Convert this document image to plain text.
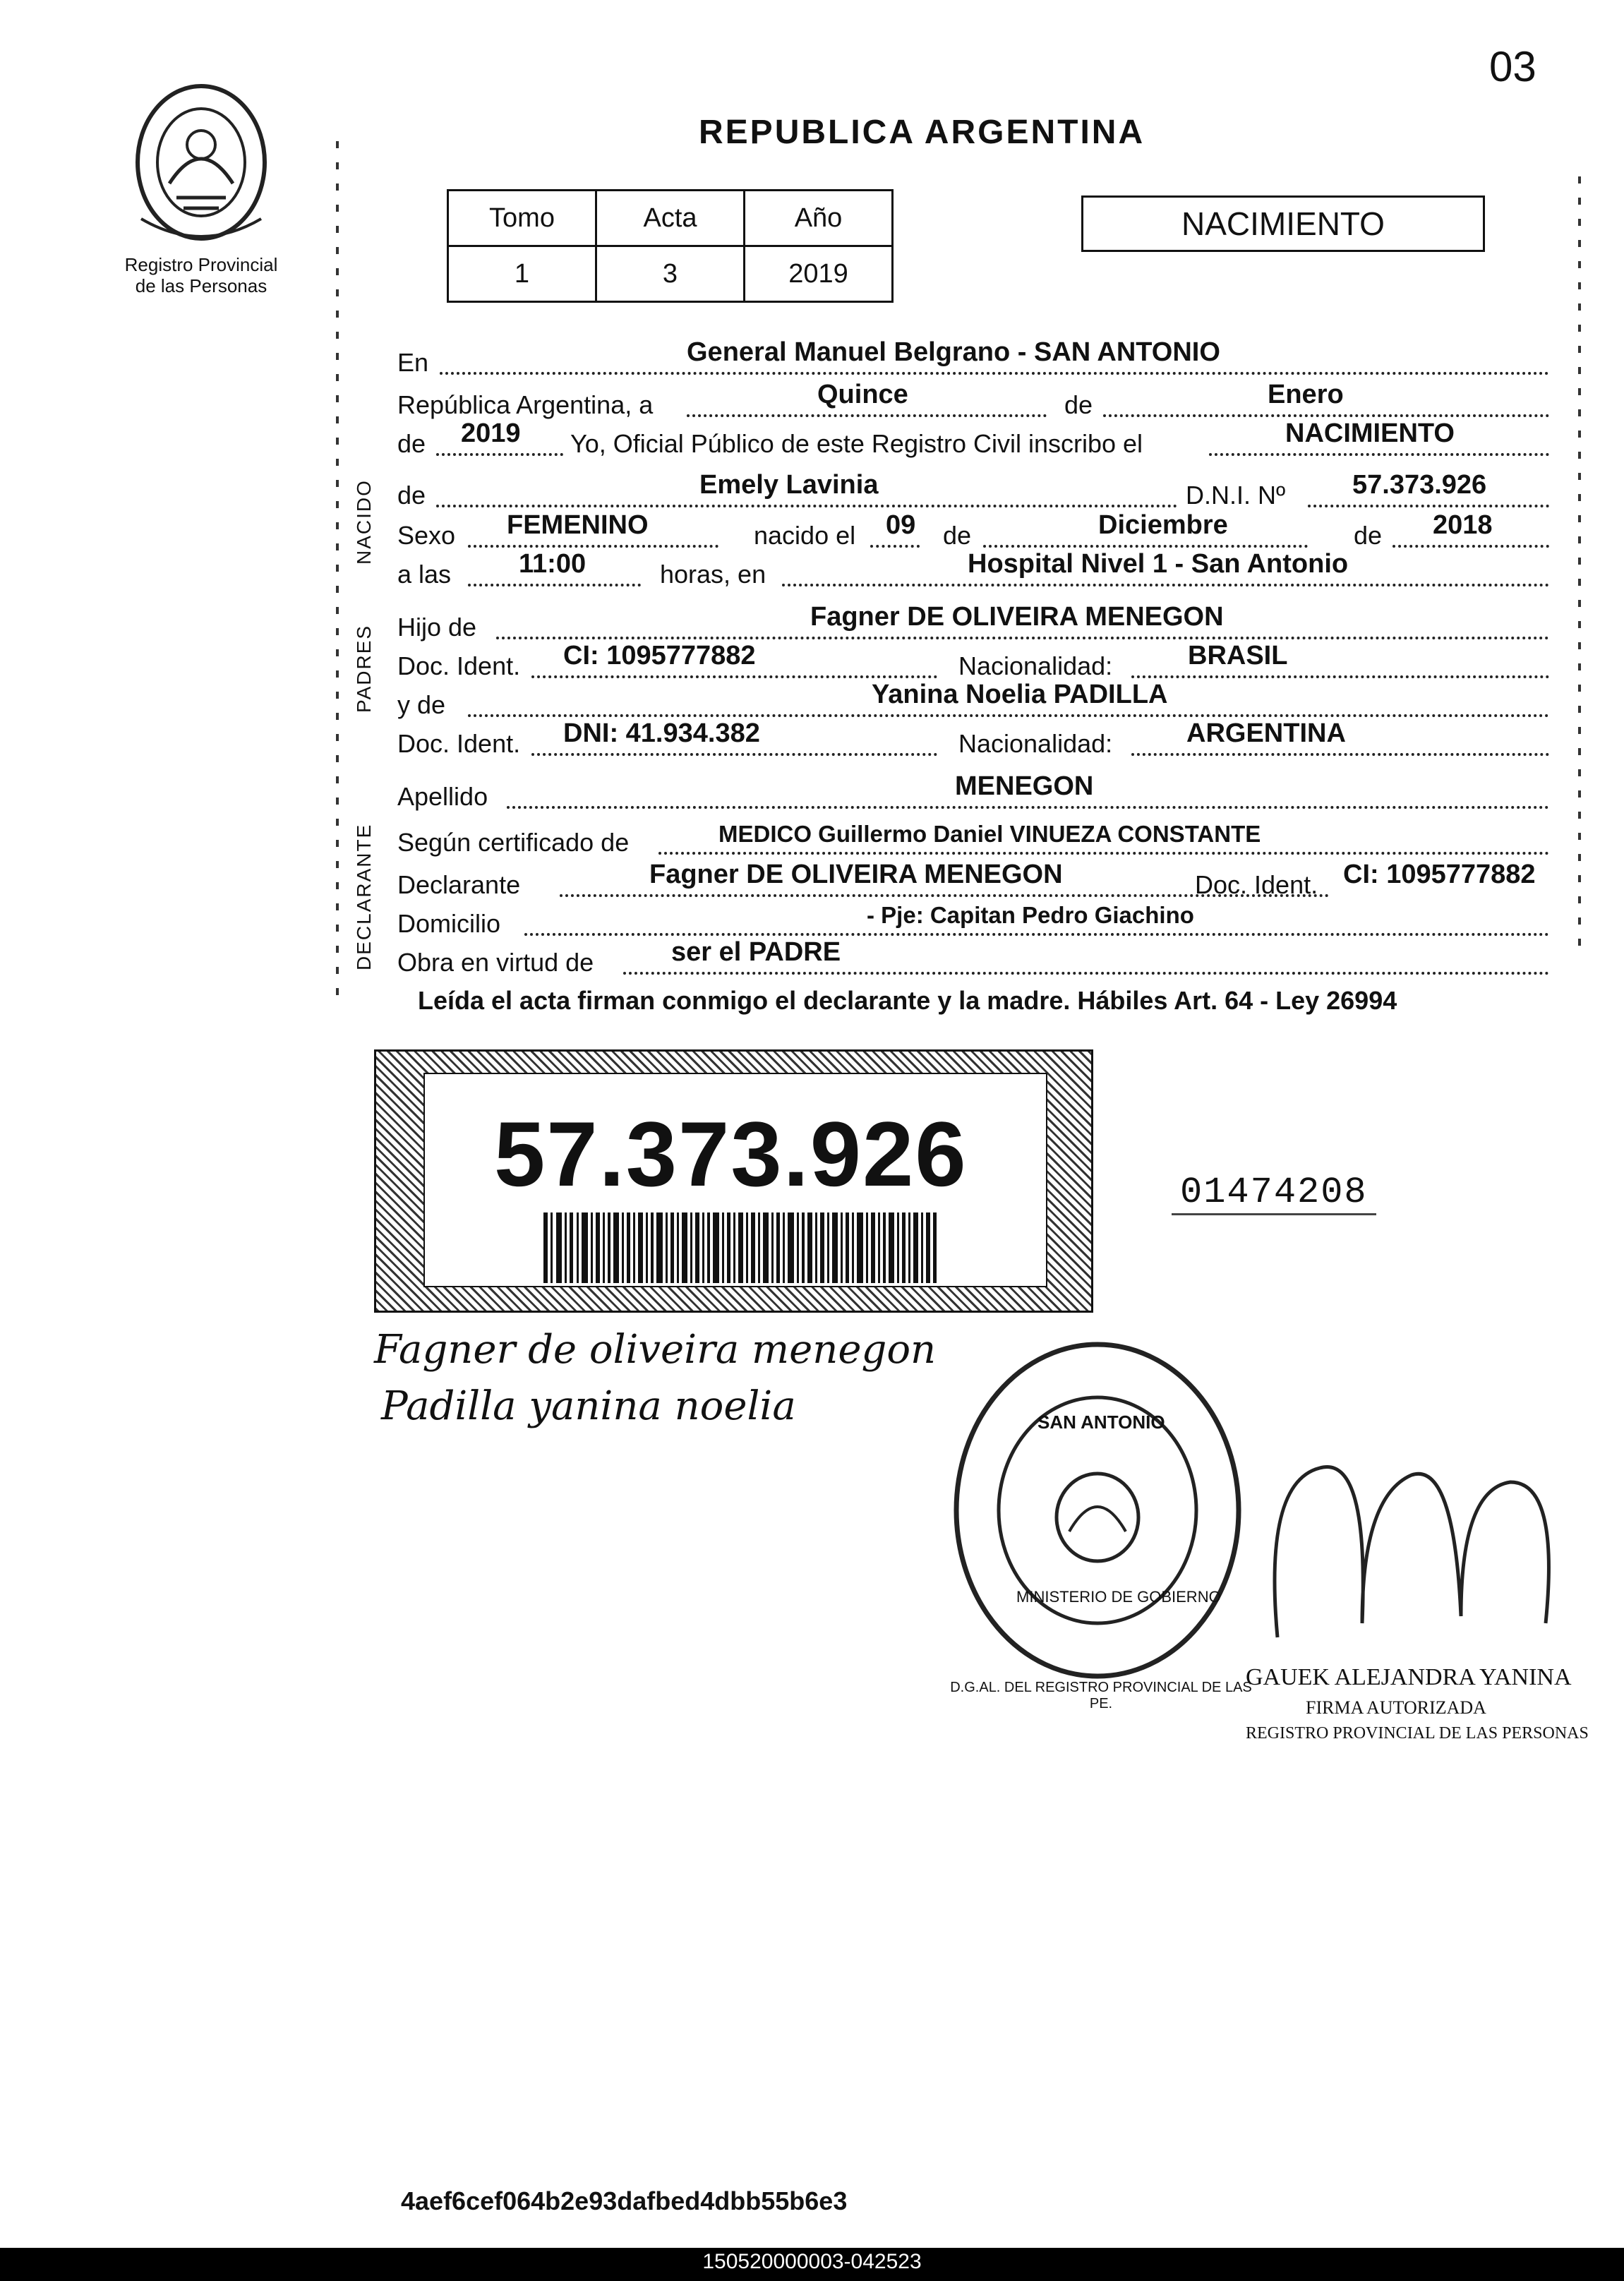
Registro Provincial
de las Personas
03
REPUBLICA ARGENTINA
Tomo	Acta	Año
1	3	2019
NACIMIENTO
NACIDO
PADRES
DECLARANTE
En	General Manuel Belgrano - SAN ANTONIO
República Argentina, a	Quince	de	Enero
de 2019 Yo, Oficial Público de este Registro Civil inscribo el	NACIMIENTO
de	Emely Lavinia	D.N.I. Nº 57.373.926
Sexo FEMENINO	nacido el 09 de	Diciembre	de 2018
a las	11:00	horas, en	Hospital Nivel 1 - San Antonio
Hijo de	Fagner DE OLIVEIRA MENEGON
Doc. Ident. CI: 1095777882	Nacionalidad:	BRASIL
y de	Yanina Noelia PADILLA
Doc. Ident. DNI: 41.934.382	Nacionalidad:	ARGENTINA
Apellido	MENEGON
Según certificado de	MEDICO Guillermo Daniel VINUEZA CONSTANTE
Declarante	Fagner DE OLIVEIRA MENEGON	Doc. Ident. CI: 1095777882
Domicilio	- Pje: Capitan Pedro Giachino
Obra en virtud de	ser el PADRE
Leída el acta firman conmigo el declarante y la madre. Hábiles Art. 64 - Ley 26994
57.373.926	01474208
Fagner de oliveira menegon
Padilla yanina noelia
D.G.AL. DEL REGISTRO PROVINCIAL DE LAS PE.
SAN ANTONIO
MINISTERIO DE GOBIERNO
GAUEK ALEJANDRA YANINA
FIRMA AUTORIZADA
REGISTRO PROVINCIAL DE LAS PERSONAS
4aef6cef064b2e93dafbed4dbb55b6e3
150520000003-042523
